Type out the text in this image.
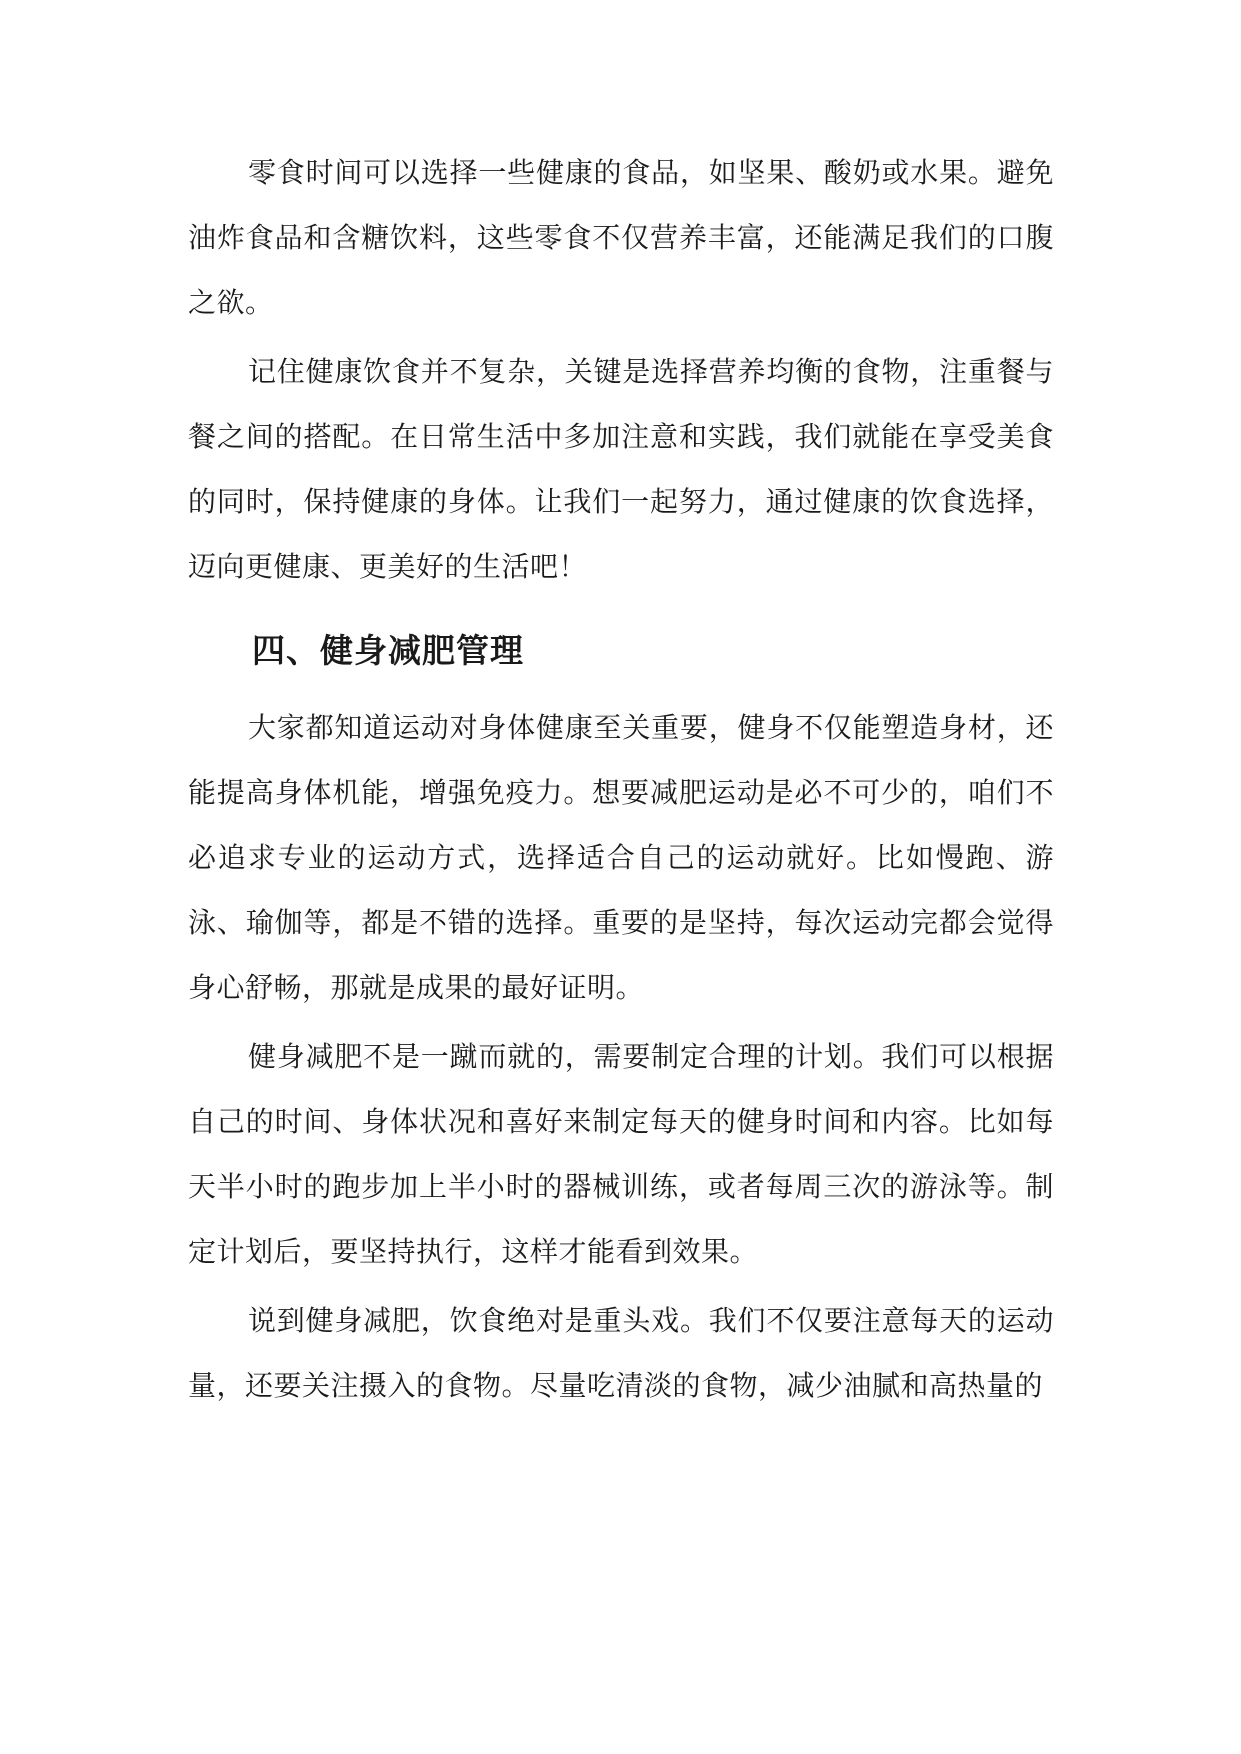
零食时间可以选择一些健康的食品，如坚果、酸奶或水果。避免油炸食品和含糖饮料，这些零食不仅营养丰富，还能满足我们的口腹之欲。

记住健康饮食并不复杂，关键是选择营养均衡的食物，注重餐与餐之间的搭配。在日常生活中多加注意和实践，我们就能在享受美食的同时，保持健康的身体。让我们一起努力，通过健康的饮食选择，迈向更健康、更美好的生活吧！

四、健身减肥管理

大家都知道运动对身体健康至关重要，健身不仅能塑造身材，还能提高身体机能，增强免疫力。想要减肥运动是必不可少的，咱们不必追求专业的运动方式，选择适合自己的运动就好。比如慢跑、游泳、瑜伽等，都是不错的选择。重要的是坚持，每次运动完都会觉得身心舒畅，那就是成果的最好证明。

健身减肥不是一蹴而就的，需要制定合理的计划。我们可以根据自己的时间、身体状况和喜好来制定每天的健身时间和内容。比如每天半小时的跑步加上半小时的器械训练，或者每周三次的游泳等。制定计划后，要坚持执行，这样才能看到效果。

说到健身减肥，饮食绝对是重头戏。我们不仅要注意每天的运动量，还要关注摄入的食物。尽量吃清淡的食物，减少油腻和高热量的
